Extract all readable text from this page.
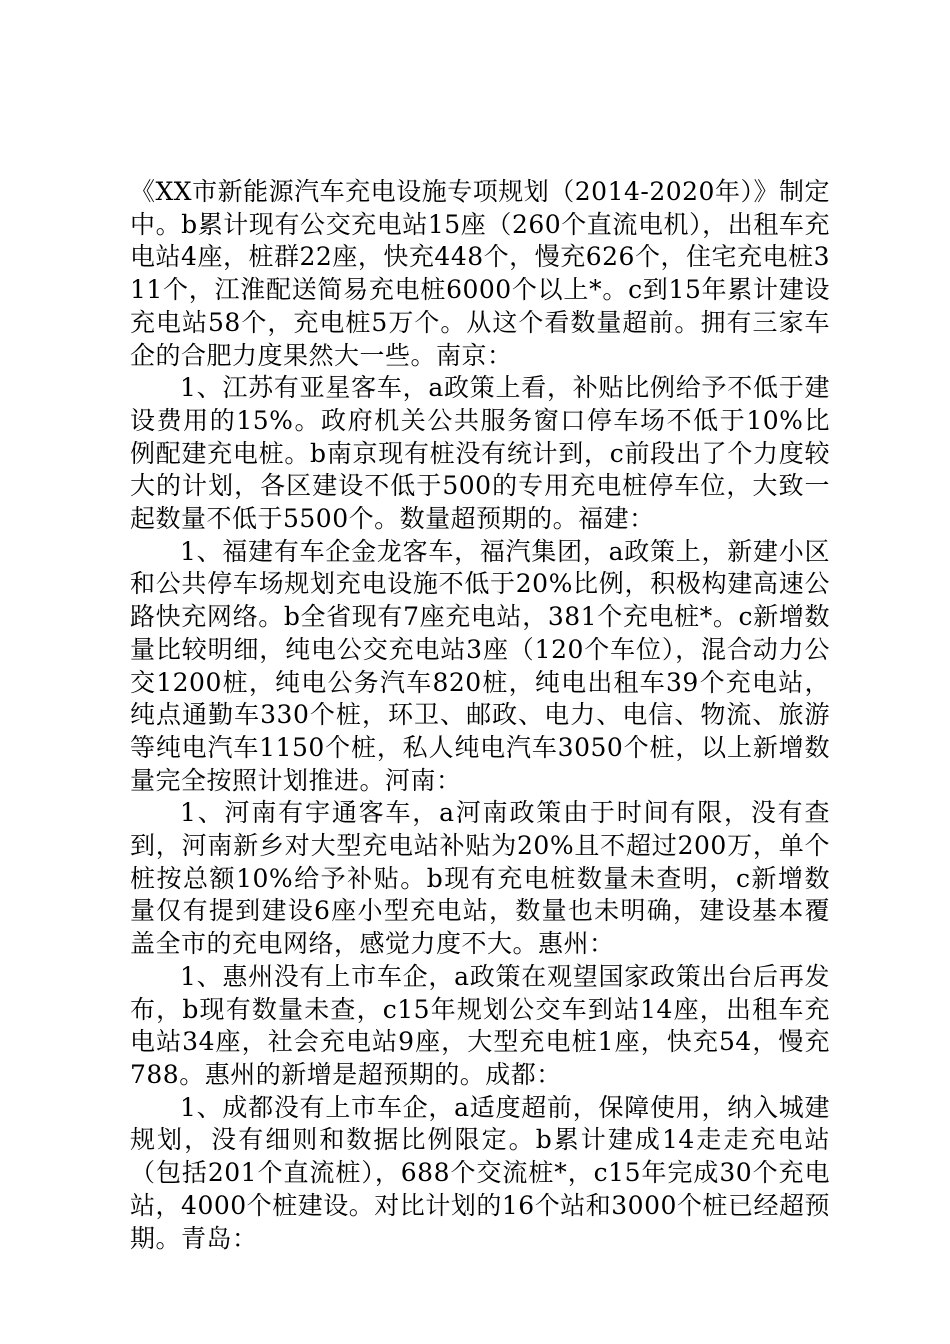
《XX市新能源汽车充电设施专项规划（2014-2020年）》制定中。b累计现有公交充电站15座（260个直流电机），出租车充电站4座，桩群22座，快充448个，慢充626个，住宅充电桩311个，江淮配送简易充电桩6000个以上*。c到15年累计建设充电站58个，充电桩5万个。从这个看数量超前。拥有三家车企的合肥力度果然大一些。南京：

1、江苏有亚星客车，a政策上看，补贴比例给予不低于建设费用的15%。政府机关公共服务窗口停车场不低于10%比例配建充电桩。b南京现有桩没有统计到，c前段出了个力度较大的计划，各区建设不低于500的专用充电桩停车位，大致一起数量不低于5500个。数量超预期的。福建：

1、福建有车企金龙客车，福汽集团，a政策上，新建小区和公共停车场规划充电设施不低于20%比例，积极构建高速公路快充网络。b全省现有7座充电站，381个充电桩*。c新增数量比较明细，纯电公交充电站3座（120个车位），混合动力公交1200桩，纯电公务汽车820桩，纯电出租车39个充电站，纯点通勤车330个桩，环卫、邮政、电力、电信、物流、旅游等纯电汽车1150个桩，私人纯电汽车3050个桩，以上新增数量完全按照计划推进。河南：

1、河南有宇通客车，a河南政策由于时间有限，没有查到，河南新乡对大型充电站补贴为20%且不超过200万，单个桩按总额10%给予补贴。b现有充电桩数量未查明，c新增数量仅有提到建设6座小型充电站，数量也未明确，建设基本覆盖全市的充电网络，感觉力度不大。惠州：

1、惠州没有上市车企，a政策在观望国家政策出台后再发布，b现有数量未查，c15年规划公交车到站14座，出租车充电站34座，社会充电站9座，大型充电桩1座，快充54，慢充788。惠州的新增是超预期的。成都：

1、成都没有上市车企，a适度超前，保障使用，纳入城建规划，没有细则和数据比例限定。b累计建成14走走充电站（包括201个直流桩），688个交流桩*，c15年完成30个充电站，4000个桩建设。对比计划的16个站和3000个桩已经超预期。青岛：
